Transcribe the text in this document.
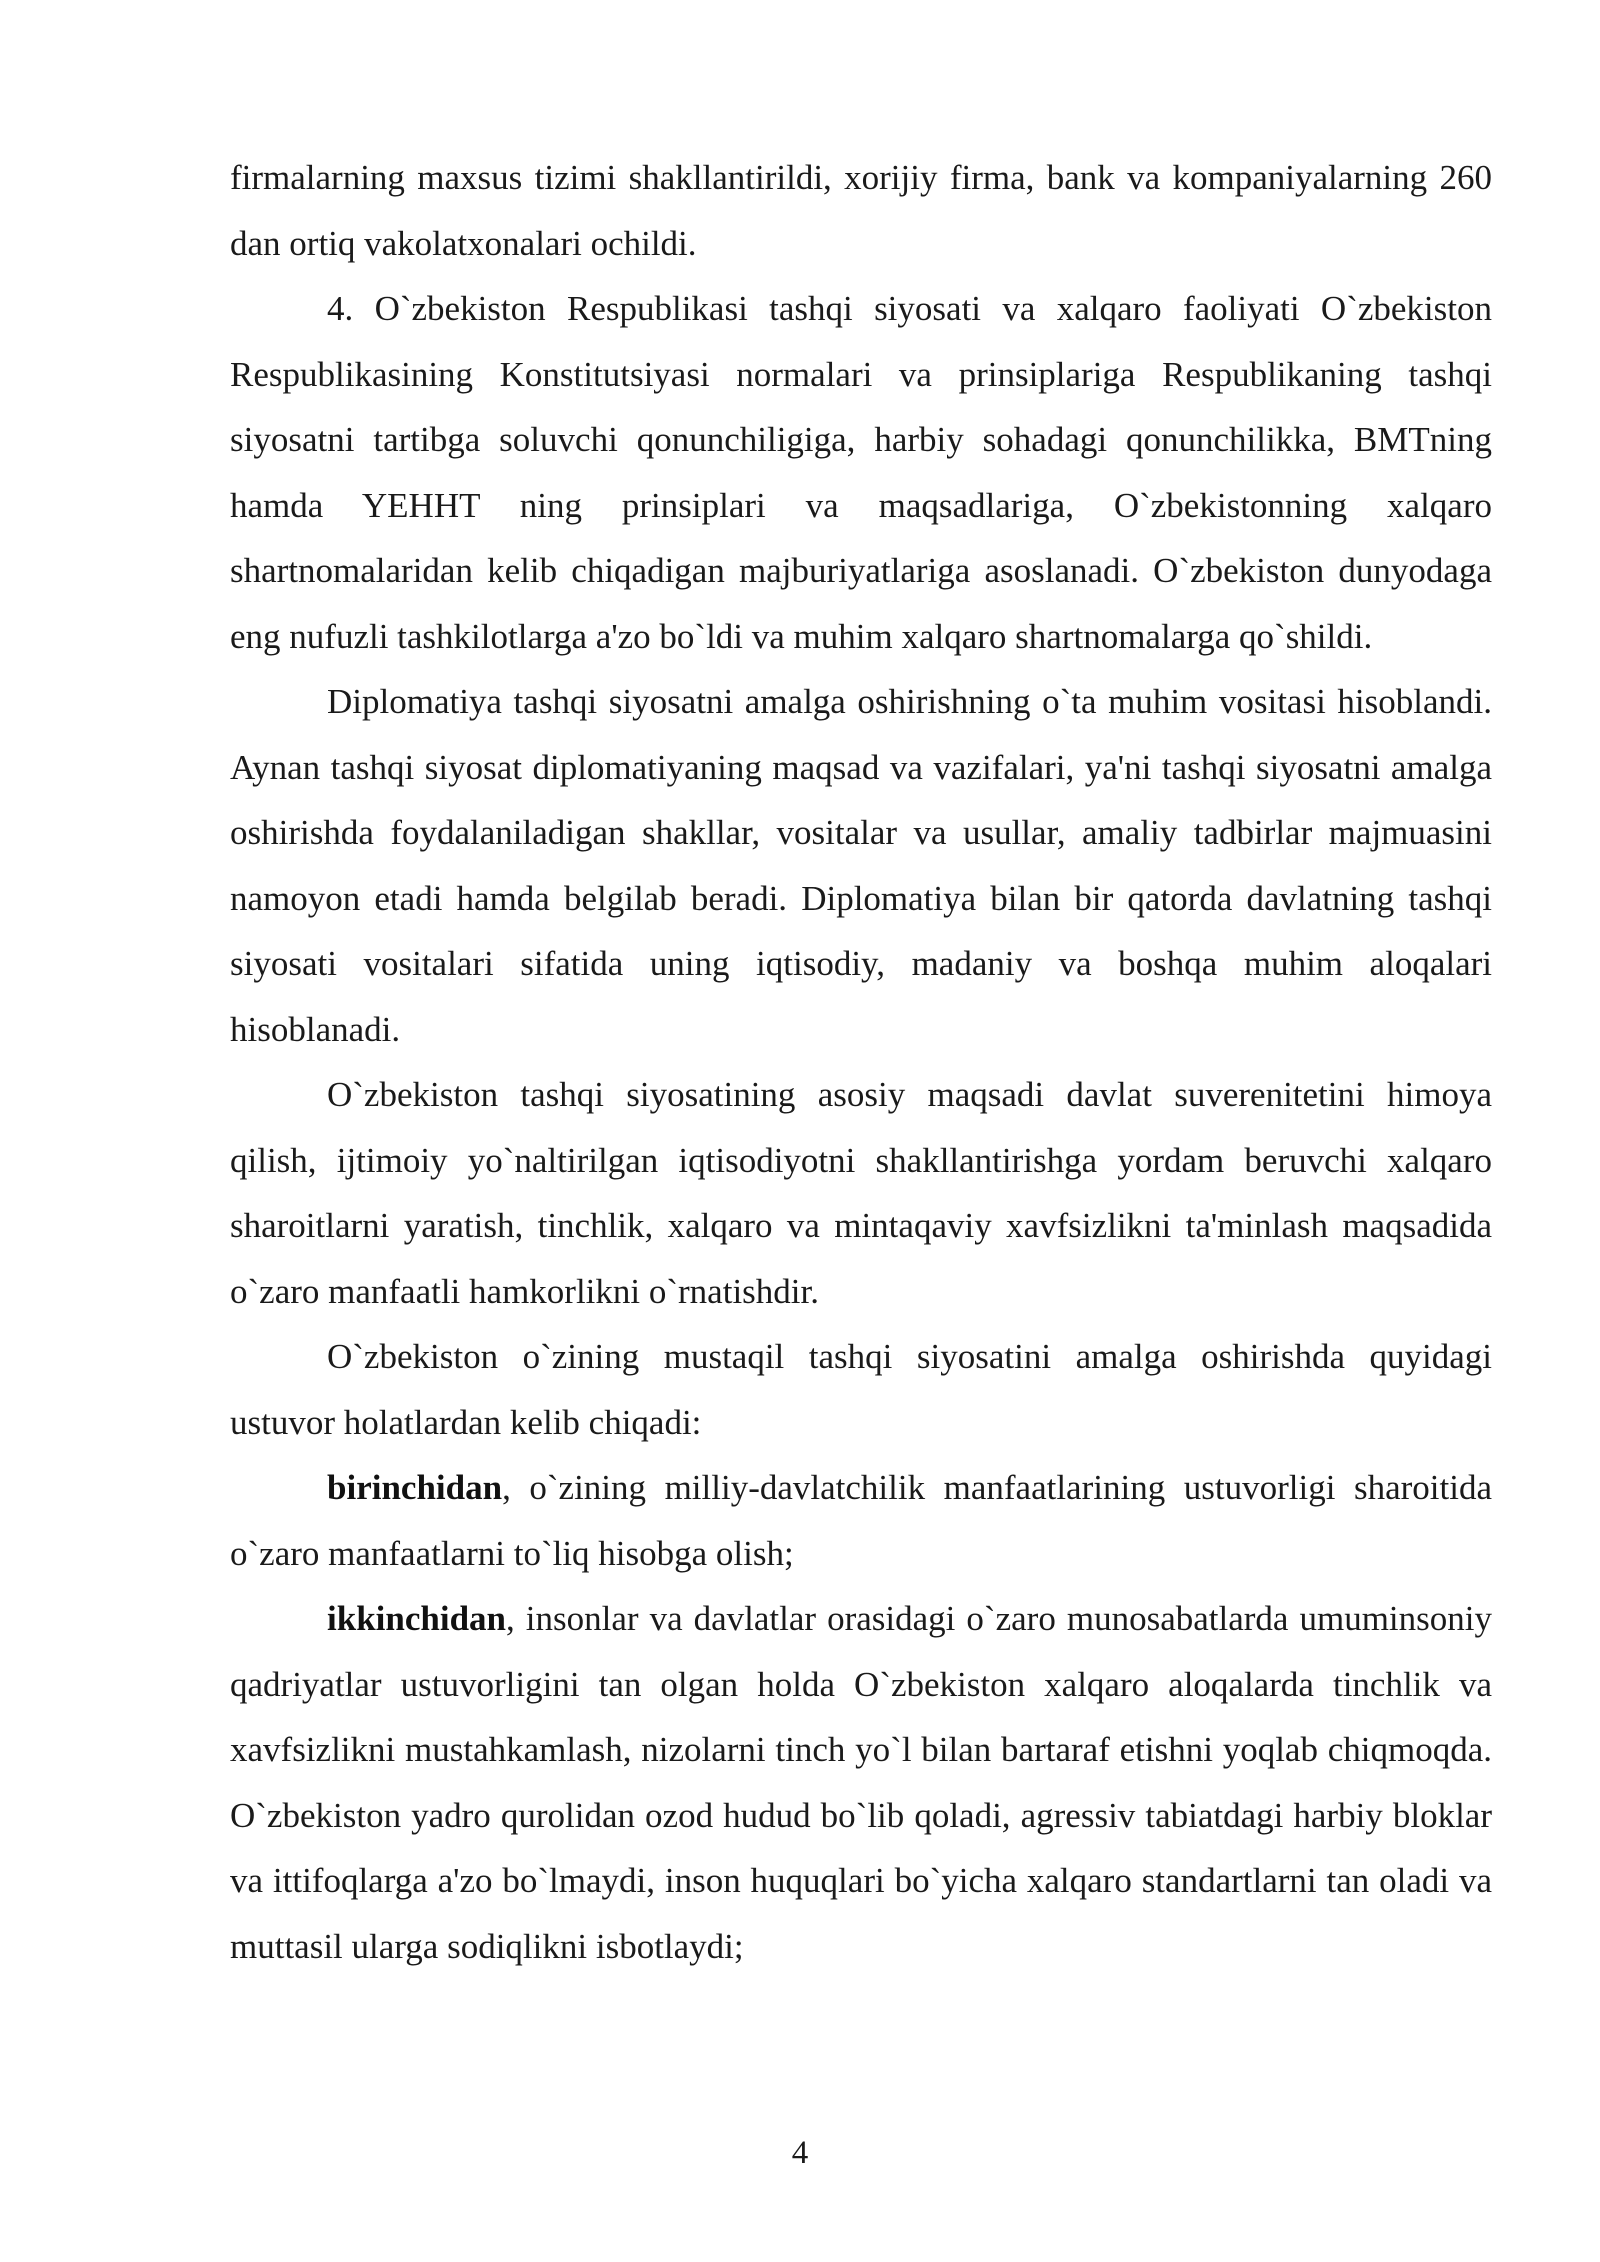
firmalarning maxsus tizimi shakllantirildi, xorijiy firma, bank va kompaniyalarning 260 dan ortiq vakolatxonalari ochildi.

4. O`zbekiston Respublikasi tashqi siyosati va xalqaro faoliyati O`zbekiston Respublikasining Konstitutsiyasi normalari va prinsiplariga Respublikaning tashqi siyosatni tartibga soluvchi qonunchiligiga, harbiy sohadagi qonunchilikka, BMTning hamda YEHHT ning prinsiplari va maqsadlariga, O`zbekistonning xalqaro shartnomalaridan kelib chiqadigan majburiyatlariga asoslanadi. O`zbekiston dunyodaga eng nufuzli tashkilotlarga a'zo bo`ldi va muhim xalqaro shartnomalarga qo`shildi.

Diplomatiya tashqi siyosatni amalga oshirishning o`ta muhim vositasi hisoblandi. Aynan tashqi siyosat diplomatiyaning maqsad va vazifalari, ya'ni tashqi siyosatni amalga oshirishda foydalaniladigan shakllar, vositalar va usullar, amaliy tadbirlar majmuasini namoyon etadi hamda belgilab beradi. Diplomatiya bilan bir qatorda davlatning tashqi siyosati vositalari sifatida uning iqtisodiy, madaniy va boshqa muhim aloqalari hisoblanadi.

O`zbekiston tashqi siyosatining asosiy maqsadi davlat suverenitetini himoya qilish, ijtimoiy yo`naltirilgan iqtisodiyotni shakllantirishga yordam beruvchi xalqaro sharoitlarni yaratish, tinchlik, xalqaro va mintaqaviy xavfsizlikni ta'minlash maqsadida o`zaro manfaatli hamkorlikni o`rnatishdir.

O`zbekiston o`zining mustaqil tashqi siyosatini amalga oshirishda quyidagi ustuvor holatlardan kelib chiqadi:

birinchidan, o`zining milliy-davlatchilik manfaatlarining ustuvorligi sharoitida o`zaro manfaatlarni to`liq hisobga olish;

ikkinchidan, insonlar va davlatlar orasidagi o`zaro munosabatlarda umuminsoniy qadriyatlar ustuvorligini tan olgan holda O`zbekiston xalqaro aloqalarda tinchlik va xavfsizlikni mustahkamlash, nizolarni tinch yo`l bilan bartaraf etishni yoqlab chiqmoqda. O`zbekiston yadro qurolidan ozod hudud bo`lib qoladi, agressiv tabiatdagi harbiy bloklar va ittifoqlarga a'zo bo`lmaydi, inson huquqlari bo`yicha xalqaro standartlarni tan oladi va muttasil ularga sodiqlikni isbotlaydi;

4
